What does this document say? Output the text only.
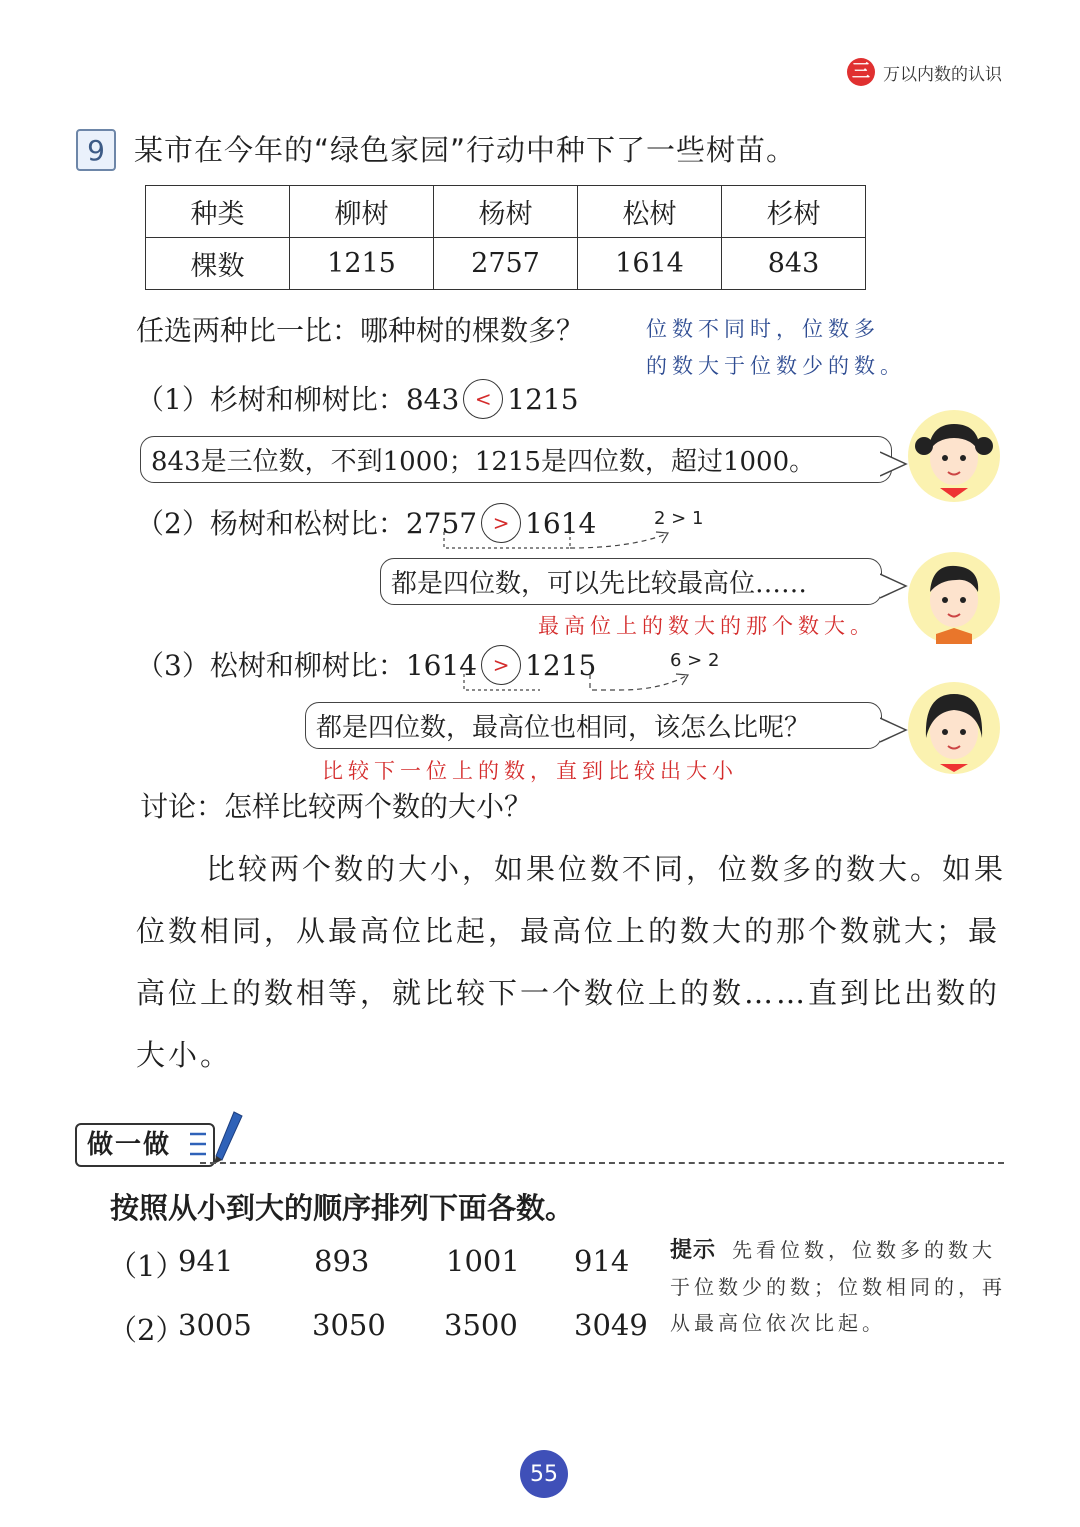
三 万以内数的认识
9	某市在今年的“绿色家园”行动中种下了一些树苗。
种类	柳树	杨树	松树	杉树
棵数	1215	2757	1614	843
任选两种比一比：哪种树的棵数多？	位数不同时，位数多
的数大于位数少的数。
（1）杉树和柳树比：843 < 1215
843是三位数，不到1000；1215是四位数，超过1000。
（2）杨树和松树比：2757 > 1614	2 > 1
都是四位数，可以先比较最高位……
最高位上的数大的那个数大。
（3）松树和柳树比：1614 > 1215	6 > 2
都是四位数，最高位也相同，该怎么比呢？
比较下一位上的数，直到比较出大小
讨论：怎样比较两个数的大小？
比较两个数的大小，如果位数不同，位数多的数大。如果位数相同，从最高位比起，最高位上的数大的那个数就大；最高位上的数相等，就比较下一个数位上的数……直到比出数的大小。
做一做
按照从小到大的顺序排列下面各数。
（1）
941	893	1001 914
（2）
3005 3050 3500 3049
提示 先看位数，位数多的数大于位数少的数；位数相同的，再从最高位依次比起。
55
